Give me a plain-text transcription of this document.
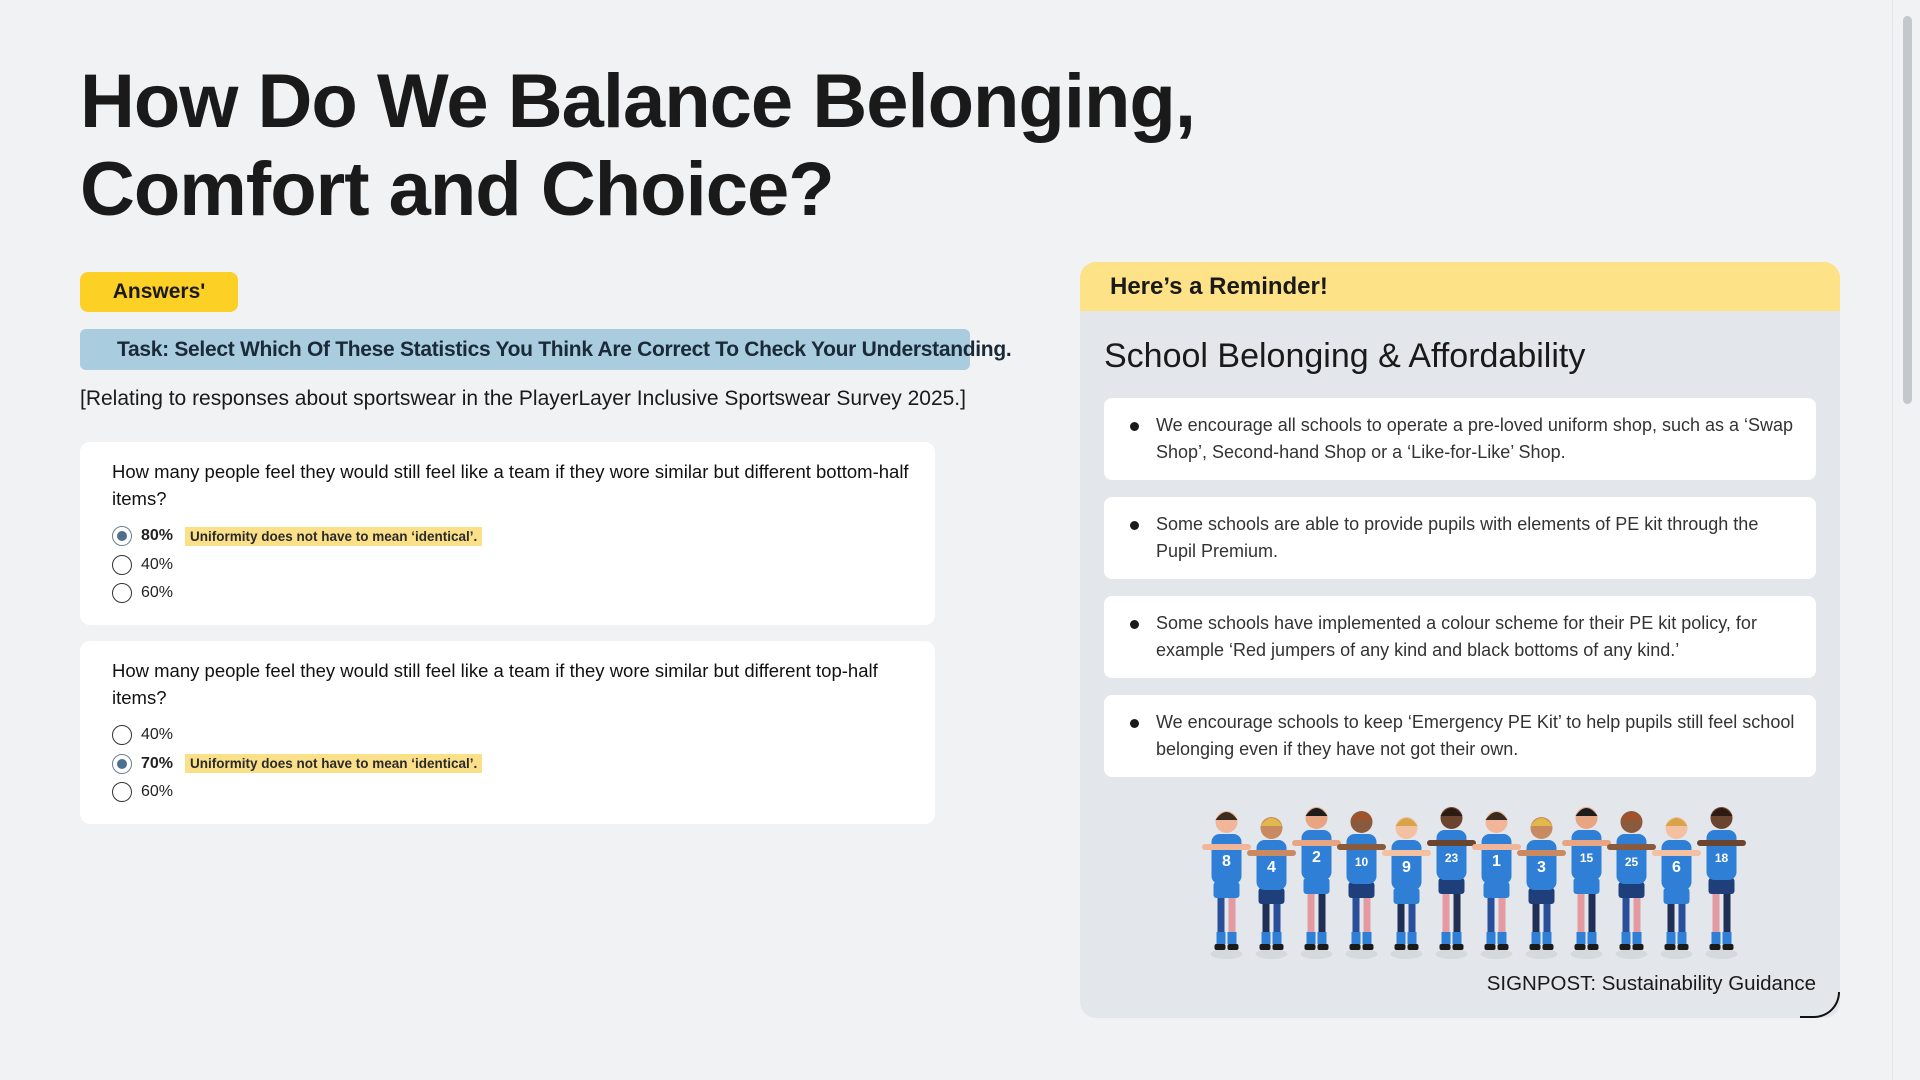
How Do We Balance Belonging, Comfort and Choice?
Answers'
Task: Select Which Of These Statistics You Think Are Correct To Check Your Understanding.
[Relating to responses about sportswear in the PlayerLayer Inclusive Sportswear Survey 2025.]
How many people feel they would still feel like a team if they wore similar but different bottom-half items?
80%	Uniformity does not have to mean ‘identical’.
40%
60%
How many people feel they would still feel like a team if they wore similar but different top-half items?
40%
70%	Uniformity does not have to mean ‘identical’.
60%
Here’s a Reminder!
School Belonging & Affordability
We encourage all schools to operate a pre-loved uniform shop, such as a ‘Swap Shop’, Second-hand Shop or a ‘Like-for-Like’ Shop.
Some schools are able to provide pupils with elements of PE kit through the Pupil Premium.
Some schools have implemented a colour scheme for their PE kit policy, for example ‘Red jumpers of any kind and black bottoms of any kind.’
We encourage schools to keep ‘Emergency PE Kit’ to help pupils still feel school belonging even if they have not got their own.
8 4
2	10 9
23 1 3
15	25 6
18
SIGNPOST: Sustainability Guidance
